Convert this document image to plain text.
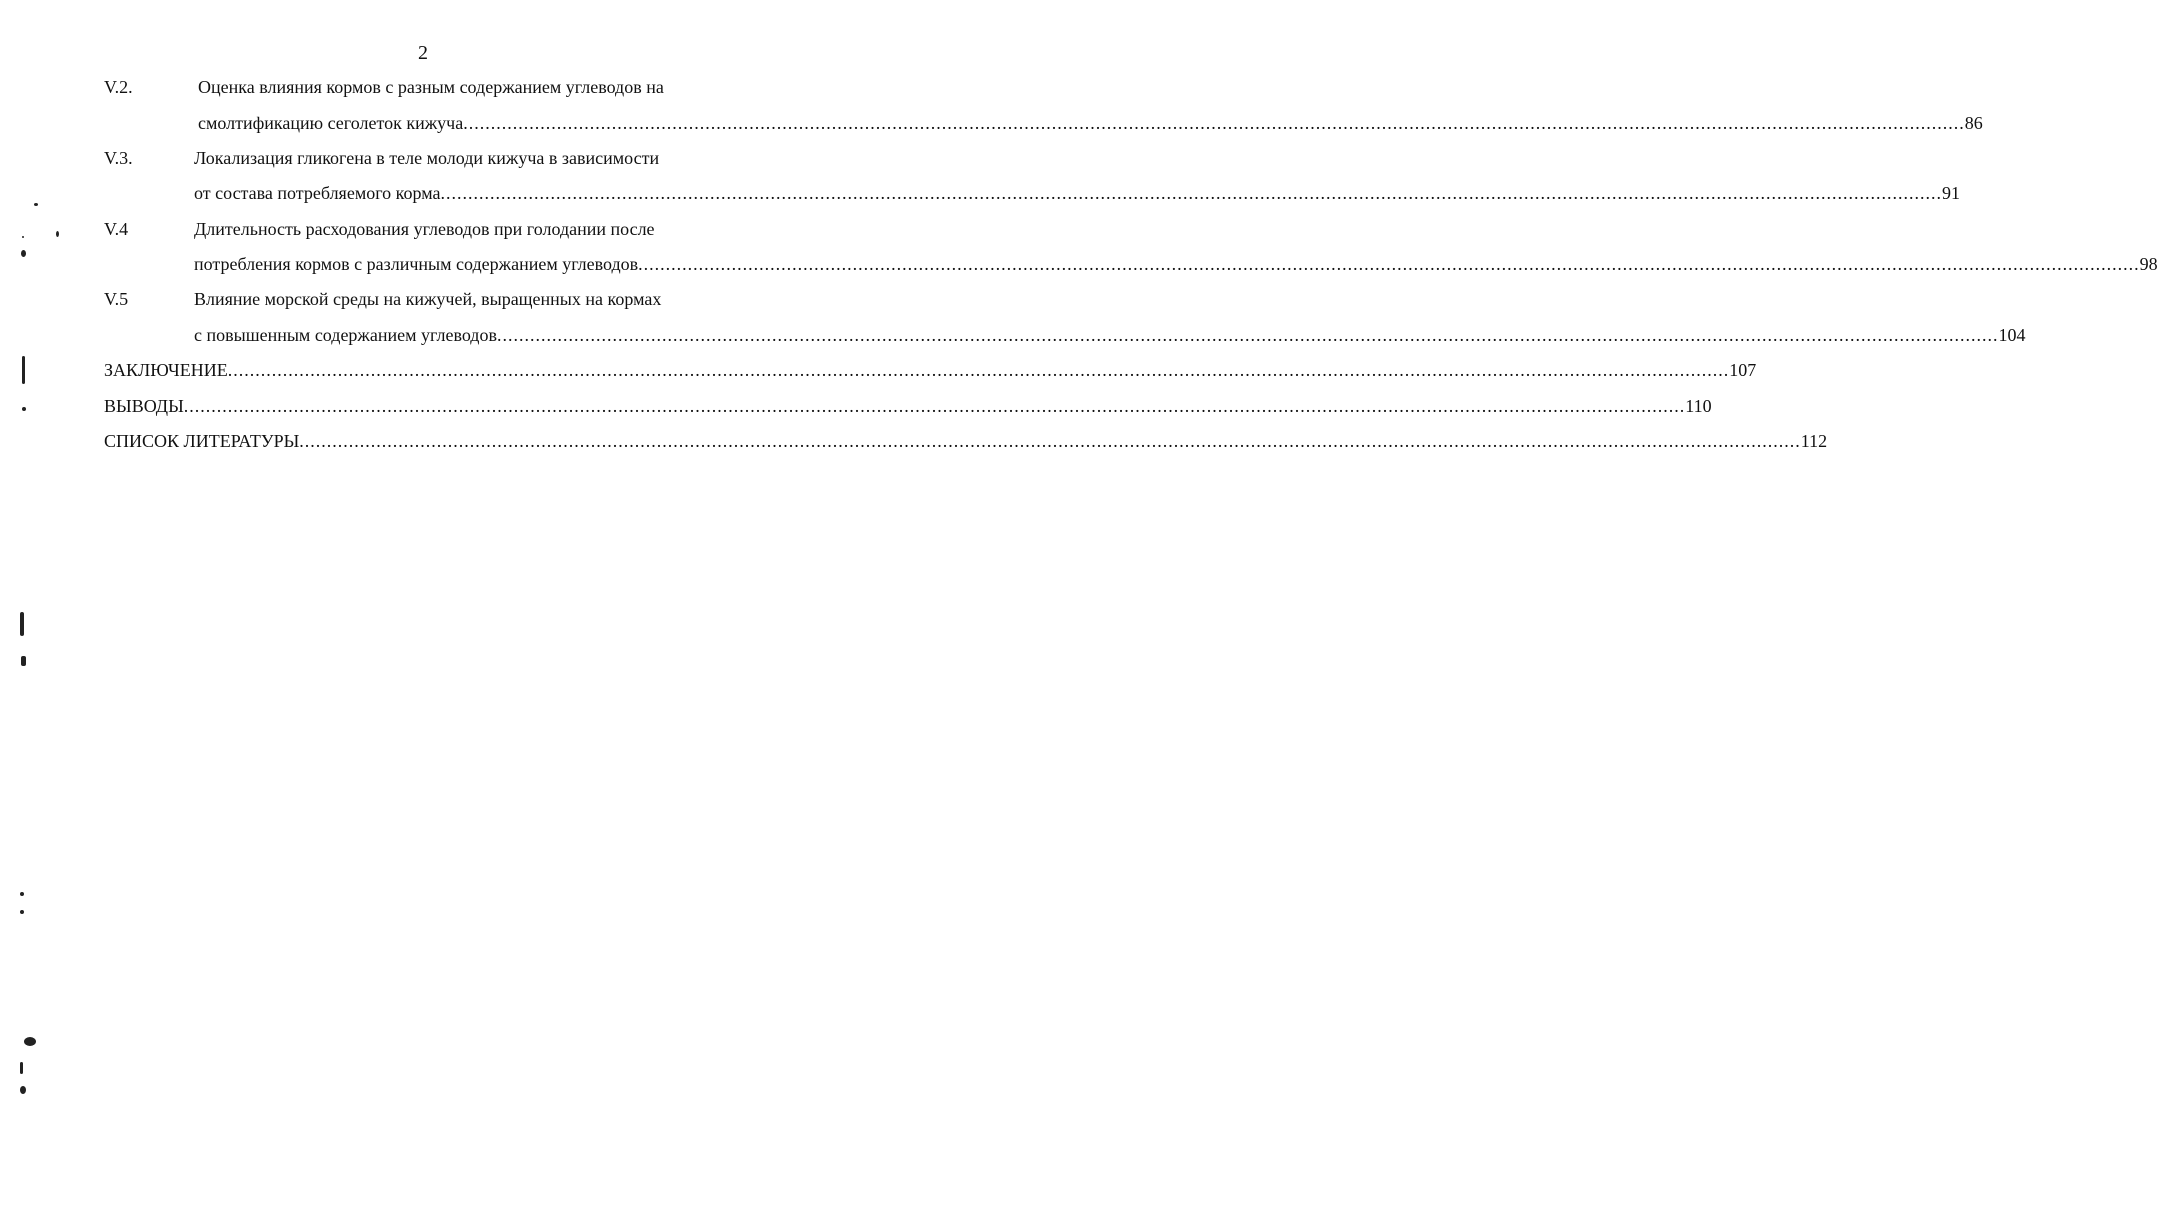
2
V.2.	Оценка влияния кормов с разным содержанием углеводов на
смолтификацию сеголеток кижуча ................................................................................................................................................................................................................................................................................. 86
V.3.	Локализация гликогена в теле молоди кижуча в зависимости
от состава потребляемого корма ................................................................................................................................................................................................................................................................................. 91
V.4	Длительность расходования углеводов при голодании после
потребления кормов с различным содержанием углеводов ................................................................................................................................................................................................................................................................................. 98
V.5	Влияние морской среды на кижучей, выращенных на кормах
с повышенным содержанием углеводов ................................................................................................................................................................................................................................................................................. 104
ЗАКЛЮЧЕНИЕ ................................................................................................................................................................................................................................................................................. 107
ВЫВОДЫ ................................................................................................................................................................................................................................................................................. 110
СПИСОК ЛИТЕРАТУРЫ ................................................................................................................................................................................................................................................................................. 112
